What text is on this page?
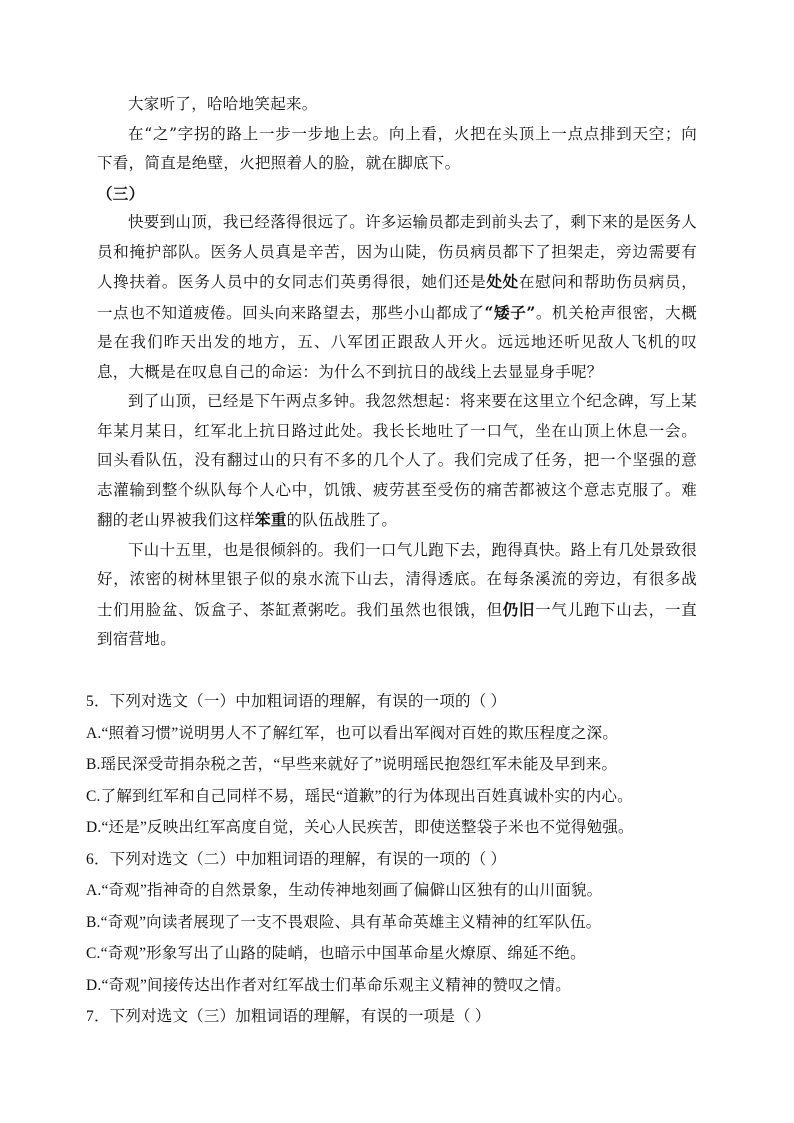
大家听了，哈哈地笑起来。

在“之”字拐的路上一步一步地上去。向上看，火把在头顶上一点点排到天空；向下看，简直是绝壁，火把照着人的脸，就在脚底下。

（三）

快要到山顶，我已经落得很远了。许多运输员都走到前头去了，剩下来的是医务人员和掩护部队。医务人员真是辛苦，因为山陡，伤员病员都下了担架走，旁边需要有人搀扶着。医务人员中的女同志们英勇得很，她们还是处处在慰问和帮助伤员病员，一点也不知道疲倦。回头向来路望去，那些小山都成了“矮子”。机关枪声很密，大概是在我们昨天出发的地方，五、八军团正跟敌人开火。远远地还听见敌人飞机的叹息，大概是在叹息自己的命运：为什么不到抗日的战线上去显显身手呢？

到了山顶，已经是下午两点多钟。我忽然想起：将来要在这里立个纪念碑，写上某年某月某日，红军北上抗日路过此处。我长长地吐了一口气，坐在山顶上休息一会。回头看队伍，没有翻过山的只有不多的几个人了。我们完成了任务，把一个坚强的意志灌输到整个纵队每个人心中，饥饿、疲劳甚至受伤的痛苦都被这个意志克服了。难翻的老山界被我们这样笨重的队伍战胜了。

下山十五里，也是很倾斜的。我们一口气儿跑下去，跑得真快。路上有几处景致很好，浓密的树林里银子似的泉水流下山去，清得透底。在每条溪流的旁边，有很多战士们用脸盆、饭盒子、茶缸煮粥吃。我们虽然也很饿，但仍旧一气儿跑下山去，一直到宿营地。

5．下列对选文（一）中加粗词语的理解，有误的一项的（ ）
A.“照着习惯”说明男人不了解红军，也可以看出军阀对百姓的欺压程度之深。
B.瑶民深受苛捐杂税之苦，“早些来就好了”说明瑶民抱怨红军未能及早到来。
C.了解到红军和自己同样不易，瑶民“道歉”的行为体现出百姓真诚朴实的内心。
D.“还是”反映出红军高度自觉，关心人民疾苦，即使送整袋子米也不觉得勉强。
6．下列对选文（二）中加粗词语的理解，有误的一项的（ ）
A.“奇观”指神奇的自然景象，生动传神地刻画了偏僻山区独有的山川面貌。
B.“奇观”向读者展现了一支不畏艰险、具有革命英雄主义精神的红军队伍。
C.“奇观”形象写出了山路的陡峭，也暗示中国革命星火燎原、绵延不绝。
D.“奇观”间接传达出作者对红军战士们革命乐观主义精神的赞叹之情。
7．下列对选文（三）加粗词语的理解，有误的一项是（ ）
